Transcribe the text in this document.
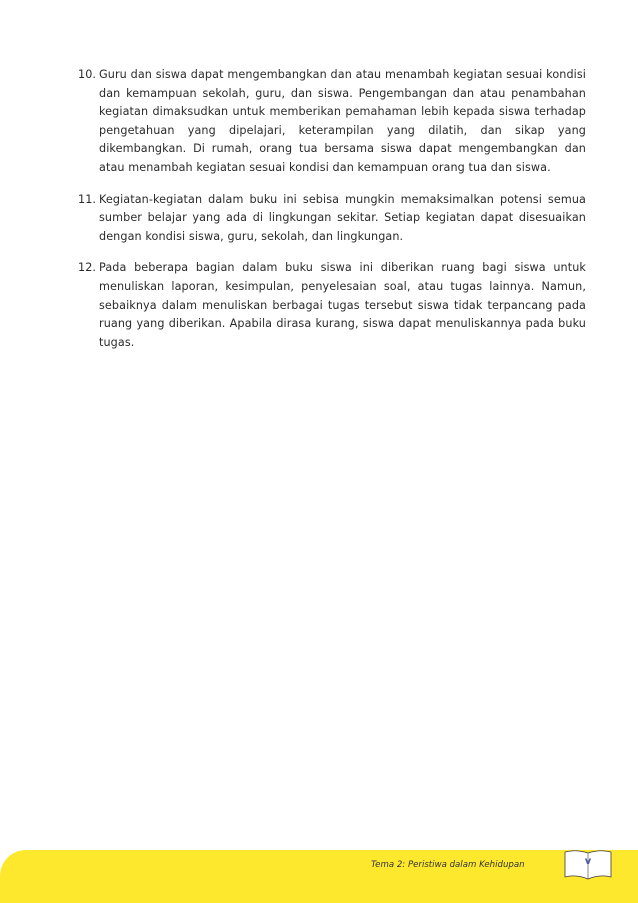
10. Guru dan siswa dapat mengembangkan dan atau menambah kegiatan sesuai kondisi dan kemampuan sekolah, guru, dan siswa. Pengembangan dan atau penambahan kegiatan dimaksudkan untuk memberikan pemahaman lebih kepada siswa terhadap pengetahuan yang dipelajari, keterampilan yang dilatih, dan sikap yang dikembangkan. Di rumah, orang tua bersama siswa dapat mengembangkan dan atau menambah kegiatan sesuai kondisi dan kemampuan orang tua dan siswa.
11. Kegiatan-kegiatan dalam buku ini sebisa mungkin memaksimalkan potensi semua sumber belajar yang ada di lingkungan sekitar. Setiap kegiatan dapat disesuaikan dengan kondisi siswa, guru, sekolah, dan lingkungan.
12. Pada beberapa bagian dalam buku siswa ini diberikan ruang bagi siswa untuk menuliskan laporan, kesimpulan, penyelesaian soal, atau tugas lainnya. Namun, sebaiknya dalam menuliskan berbagai tugas tersebut siswa tidak terpancang pada ruang yang diberikan. Apabila dirasa kurang, siswa dapat menuliskannya pada buku tugas.
Tema 2: Peristiwa dalam Kehidupan	v
